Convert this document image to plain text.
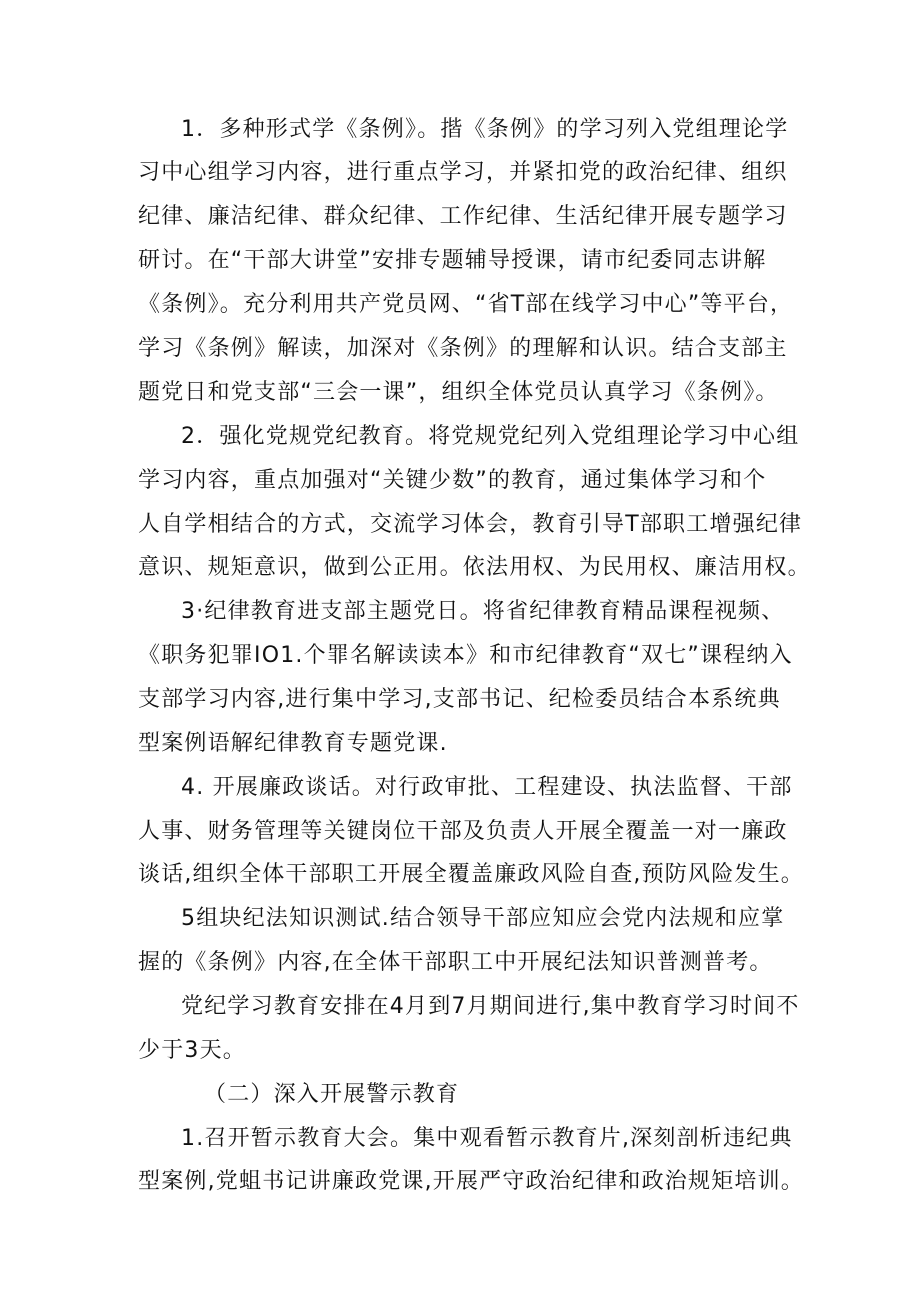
1．多种形式学《条例》。揩《条例》的学习列入党组理论学
习中心组学习内容，进行重点学习，并紧扣党的政治纪律、组织
纪律、廉洁纪律、群众纪律、工作纪律、生活纪律开展专题学习
研讨。在“干部大讲堂”安排专题辅导授课，请市纪委同志讲解
《条例》。充分利用共产党员网、“省T部在线学习中心”等平台，
学习《条例》解读，加深对《条例》的理解和认识。结合支部主
题党日和党支部“三会一课”，组织全体党员认真学习《条例》。
2．强化党规党纪教育。将党规党纪列入党组理论学习中心组
学习内容，重点加强对“关键少数”的教育，通过集体学习和个
人自学相结合的方式，交流学习体会，教育引导T部职工增强纪律
意识、规矩意识，做到公正用。依法用权、为民用权、廉洁用权。
3·纪律教育进支部主题党日。将省纪律教育精品课程视频、
《职务犯罪IO1.个罪名解读读本》和市纪律教育“双七”课程纳入
支部学习内容,进行集中学习,支部书记、纪检委员结合本系统典
型案例语解纪律教育专题党课.
4. 开展廉政谈话。对行政审批、工程建设、执法监督、干部
人事、财务管理等关键岗位干部及负责人开展全覆盖一对一廉政
谈话,组织全体干部职工开展全覆盖廉政风险自查,预防风险发生。
5组块纪法知识测试.结合领导干部应知应会党内法规和应掌
握的《条例》内容,在全体干部职工中开展纪法知识普测普考。
党纪学习教育安排在4月到7月期间进行,集中教育学习时间不
少于3天。
（二）深入开展警示教育
1.召开暂示教育大会。集中观看暂示教育片,深刻剖析违纪典
型案例,党蛆书记讲廉政党课,开展严守政治纪律和政治规矩培训。
